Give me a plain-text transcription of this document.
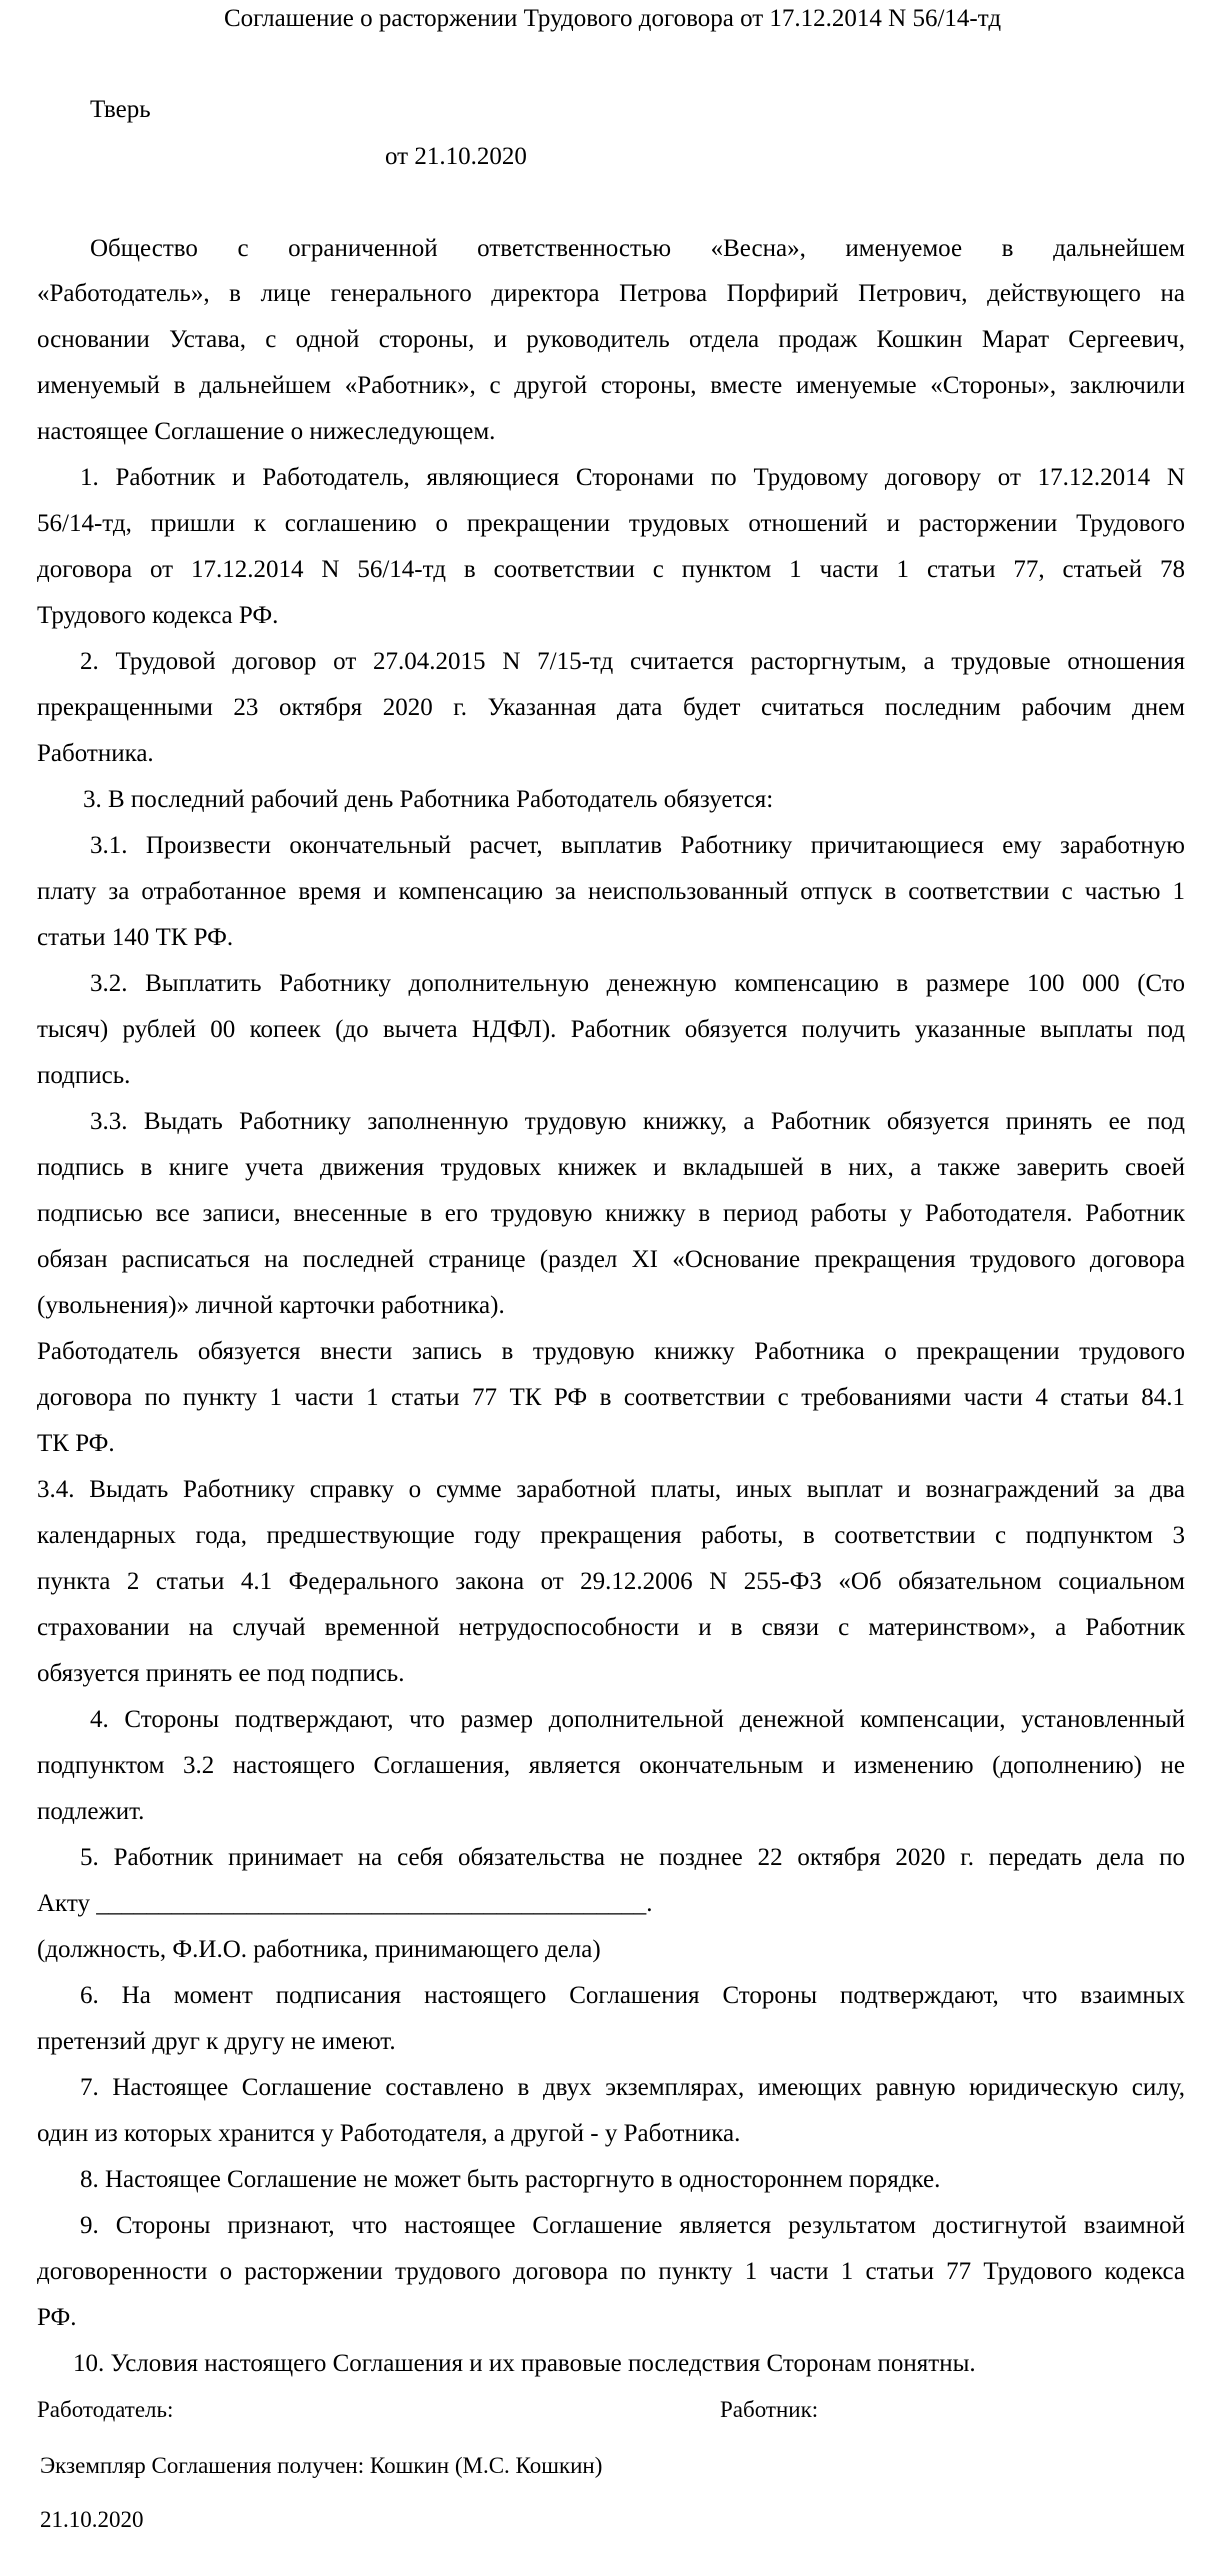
Соглашение о расторжении Трудового договора от 17.12.2014 N 56/14-тд
Тверь
от 21.10.2020
Общество с ограниченной ответственностью «Весна», именуемое в дальнейшем
«Работодатель», в лице генерального директора Петрова Порфирий Петрович, действующего на
основании Устава, с одной стороны, и руководитель отдела продаж Кошкин Марат Сергеевич,
именуемый в дальнейшем «Работник», с другой стороны, вместе именуемые «Стороны», заключили
настоящее Соглашение о нижеследующем.
1. Работник и Работодатель, являющиеся Сторонами по Трудовому договору от 17.12.2014 N
56/14-тд, пришли к соглашению о прекращении трудовых отношений и расторжении Трудового
договора от 17.12.2014 N 56/14-тд в соответствии с пунктом 1 части 1 статьи 77, статьей 78
Трудового кодекса РФ.
2. Трудовой договор от 27.04.2015 N 7/15-тд считается расторгнутым, а трудовые отношения
прекращенными 23 октября 2020 г. Указанная дата будет считаться последним рабочим днем
Работника.
3. В последний рабочий день Работника Работодатель обязуется:
3.1. Произвести окончательный расчет, выплатив Работнику причитающиеся ему заработную
плату за отработанное время и компенсацию за неиспользованный отпуск в соответствии с частью 1
статьи 140 ТК РФ.
3.2. Выплатить Работнику дополнительную денежную компенсацию в размере 100 000 (Сто
тысяч) рублей 00 копеек (до вычета НДФЛ). Работник обязуется получить указанные выплаты под
подпись.
3.3. Выдать Работнику заполненную трудовую книжку, а Работник обязуется принять ее под
подпись в книге учета движения трудовых книжек и вкладышей в них, а также заверить своей
подписью все записи, внесенные в его трудовую книжку в период работы у Работодателя. Работник
обязан расписаться на последней странице (раздел XI «Основание прекращения трудового договора
(увольнения)» личной карточки работника).
Работодатель обязуется внести запись в трудовую книжку Работника о прекращении трудового
договора по пункту 1 части 1 статьи 77 ТК РФ в соответствии с требованиями части 4 статьи 84.1
ТК РФ.
3.4. Выдать Работнику справку о сумме заработной платы, иных выплат и вознаграждений за два
календарных года, предшествующие году прекращения работы, в соответствии с подпунктом 3
пункта 2 статьи 4.1 Федерального закона от 29.12.2006 N 255-ФЗ «Об обязательном социальном
страховании на случай временной нетрудоспособности и в связи с материнством», а Работник
обязуется принять ее под подпись.
4. Стороны подтверждают, что размер дополнительной денежной компенсации, установленный
подпунктом 3.2 настоящего Соглашения, является окончательным и изменению (дополнению) не
подлежит.
5. Работник принимает на себя обязательства не позднее 22 октября 2020 г. передать дела по
Акту ____________________________________________.
(должность, Ф.И.О. работника, принимающего дела)
6. На момент подписания настоящего Соглашения Стороны подтверждают, что взаимных
претензий друг к другу не имеют.
7. Настоящее Соглашение составлено в двух экземплярах, имеющих равную юридическую силу,
один из которых хранится у Работодателя, а другой - у Работника.
8. Настоящее Соглашение не может быть расторгнуто в одностороннем порядке.
9. Стороны признают, что настоящее Соглашение является результатом достигнутой взаимной
договоренности о расторжении трудового договора по пункту 1 части 1 статьи 77 Трудового кодекса
РФ.
10. Условия настоящего Соглашения и их правовые последствия Сторонам понятны.
Работодатель:	Работник:
Экземпляр Соглашения получен: Кошкин (М.С. Кошкин)
21.10.2020
